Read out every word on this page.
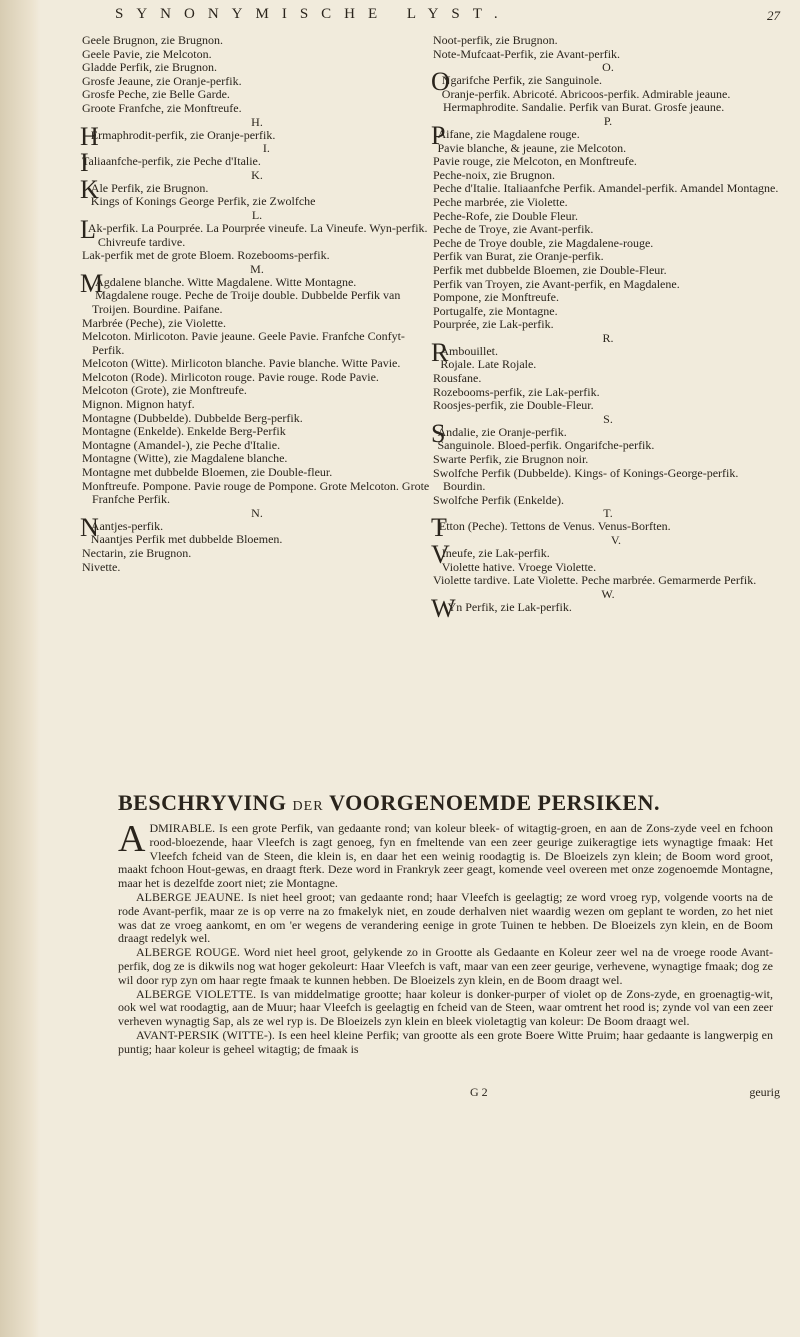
SYNONYMISCHE LYST.	27

Geele Brugnon, zie Brugnon.

Geele Pavie, zie Melcoton.

Gladde Perfik, zie Brugnon.

Grosfe Jeaune, zie Oranje-perfik.

Grosfe Peche, zie Belle Garde.

Groote Franfche, zie Monftreufe.

H.

HErmaphrodit-perfik, zie Oranje-perfik.

I.

ITaliaanfche-perfik, zie Peche d'Italie.

K.

KAle Perfik, zie Brugnon.

Kings of Konings George Perfik, zie Zwolfche

L.

LAk-perfik. La Pourprée. La Pourprée vineufe. La Vineufe. Wyn-perfik. Chivreufe tardive.

Lak-perfik met de grote Bloem. Rozebooms-perfik.

M.

MAgdalene blanche. Witte Magdalene. Witte Montagne.

Magdalene rouge. Peche de Troije double. Dubbelde Perfik van Troijen. Bourdine. Paifane.

Marbrée (Peche), zie Violette.

Melcoton. Mirlicoton. Pavie jeaune. Geele Pavie. Franfche Confyt-Perfik.

Melcoton (Witte). Mirlicoton blanche. Pavie blanche. Witte Pavie.

Melcoton (Rode). Mirlicoton rouge. Pavie rouge. Rode Pavie.

Melcoton (Grote), zie Monftreufe.

Mignon. Mignon hatyf.

Montagne (Dubbelde). Dubbelde Berg-perfik.

Montagne (Enkelde). Enkelde Berg-Perfik

Montagne (Amandel-), zie Peche d'Italie.

Montagne (Witte), zie Magdalene blanche.

Montagne met dubbelde Bloemen, zie Double-fleur.

Monftreufe. Pompone. Pavie rouge de Pompone. Grote Melcoton. Grote Franfche Perfik.

N.

NAantjes-perfik.

Naantjes Perfik met dubbelde Bloemen.

Nectarin, zie Brugnon.

Nivette.

Noot-perfik, zie Brugnon.

Note-Mufcaat-Perfik, zie Avant-perfik.

O.

ONgarifche Perfik, zie Sanguinole.

Oranje-perfik. Abricoté. Abricoos-perfik. Admirable jeaune. Hermaphrodite. Sandalie. Perfik van Burat. Grosfe jeaune.

P.

PAifane, zie Magdalene rouge.

Pavie blanche, & jeaune, zie Melcoton.

Pavie rouge, zie Melcoton, en Monftreufe.

Peche-noix, zie Brugnon.

Peche d'Italie. Italiaanfche Perfik. Amandel-perfik. Amandel Montagne.

Peche marbrée, zie Violette.

Peche-Rofe, zie Double Fleur.

Peche de Troye, zie Avant-perfik.

Peche de Troye double, zie Magdalene-rouge.

Perfik van Burat, zie Oranje-perfik.

Perfik met dubbelde Bloemen, zie Double-Fleur.

Perfik van Troyen, zie Avant-perfik, en Magdalene.

Pompone, zie Monftreufe.

Portugalfe, zie Montagne.

Pourprée, zie Lak-perfik.

R.

RAmbouillet.

Rojale. Late Rojale.

Rousfane.

Rozebooms-perfik, zie Lak-perfik.

Roosjes-perfik, zie Double-Fleur.

S.

SAndalie, zie Oranje-perfik.

Sanguinole. Bloed-perfik. Ongarifche-perfik.

Swarte Perfik, zie Brugnon noir.

Swolfche Perfik (Dubbelde). Kings- of Konings-George-perfik. Bourdin.

Swolfche Perfik (Enkelde).

T.

TEtton (Peche). Tettons de Venus. Venus-Borften.

V.

VIneufe, zie Lak-perfik.

Violette hative. Vroege Violette.

Violette tardive. Late Violette. Peche marbrée. Gemarmerde Perfik.

W.

WYn Perfik, zie Lak-perfik.

BESCHRYVING DER VOORGENOEMDE PERSIKEN.

ADMIRABLE. Is een grote Perfik, van gedaante rond; van koleur bleek- of witagtig-groen, en aan de Zons-zyde veel en fchoon rood-bloezende, haar Vleefch is zagt genoeg, fyn en fmeltende van een zeer geurige zuikeragtige iets wynagtige fmaak: Het Vleefch fcheid van de Steen, die klein is, en daar het een weinig roodagtig is. De Bloeizels zyn klein; de Boom word groot, maakt fchoon Hout-gewas, en draagt fterk. Deze word in Frankryk zeer geagt, komende veel overeen met onze zogenoemde Montagne, maar het is dezelfde zoort niet; zie Montagne.

ALBERGE JEAUNE. Is niet heel groot; van gedaante rond; haar Vleefch is geelagtig; ze word vroeg ryp, volgende voorts na de rode Avant-perfik, maar ze is op verre na zo fmakelyk niet, en zoude derhalven niet waardig wezen om geplant te worden, zo het niet was dat ze vroeg aankomt, en om 'er wegens de verandering eenige in grote Tuinen te hebben. De Bloeizels zyn klein, en de Boom draagt redelyk wel.

ALBERGE ROUGE. Word niet heel groot, gelykende zo in Grootte als Gedaante en Koleur zeer wel na de vroege roode Avant-perfik, dog ze is dikwils nog wat hoger gekoleurt: Haar Vleefch is vaft, maar van een zeer geurige, verhevene, wynagtige fmaak; dog ze wil door ryp zyn om haar regte fmaak te kunnen hebben. De Bloeizels zyn klein, en de Boom draagt wel.

ALBERGE VIOLETTE. Is van middelmatige grootte; haar koleur is donker-purper of violet op de Zons-zyde, en groenagtig-wit, ook wel wat roodagtig, aan de Muur; haar Vleefch is geelagtig en fcheid van de Steen, waar omtrent het rood is; zynde vol van een zeer verheven wynagtig Sap, als ze wel ryp is. De Bloeizels zyn klein en bleek violetagtig van koleur: De Boom draagt wel.

AVANT-PERSIK (WITTE-). Is een heel kleine Perfik; van grootte als een grote Boere Witte Pruim; haar gedaante is langwerpig en puntig; haar koleur is geheel witagtig; de fmaak is

G 2	geurig
